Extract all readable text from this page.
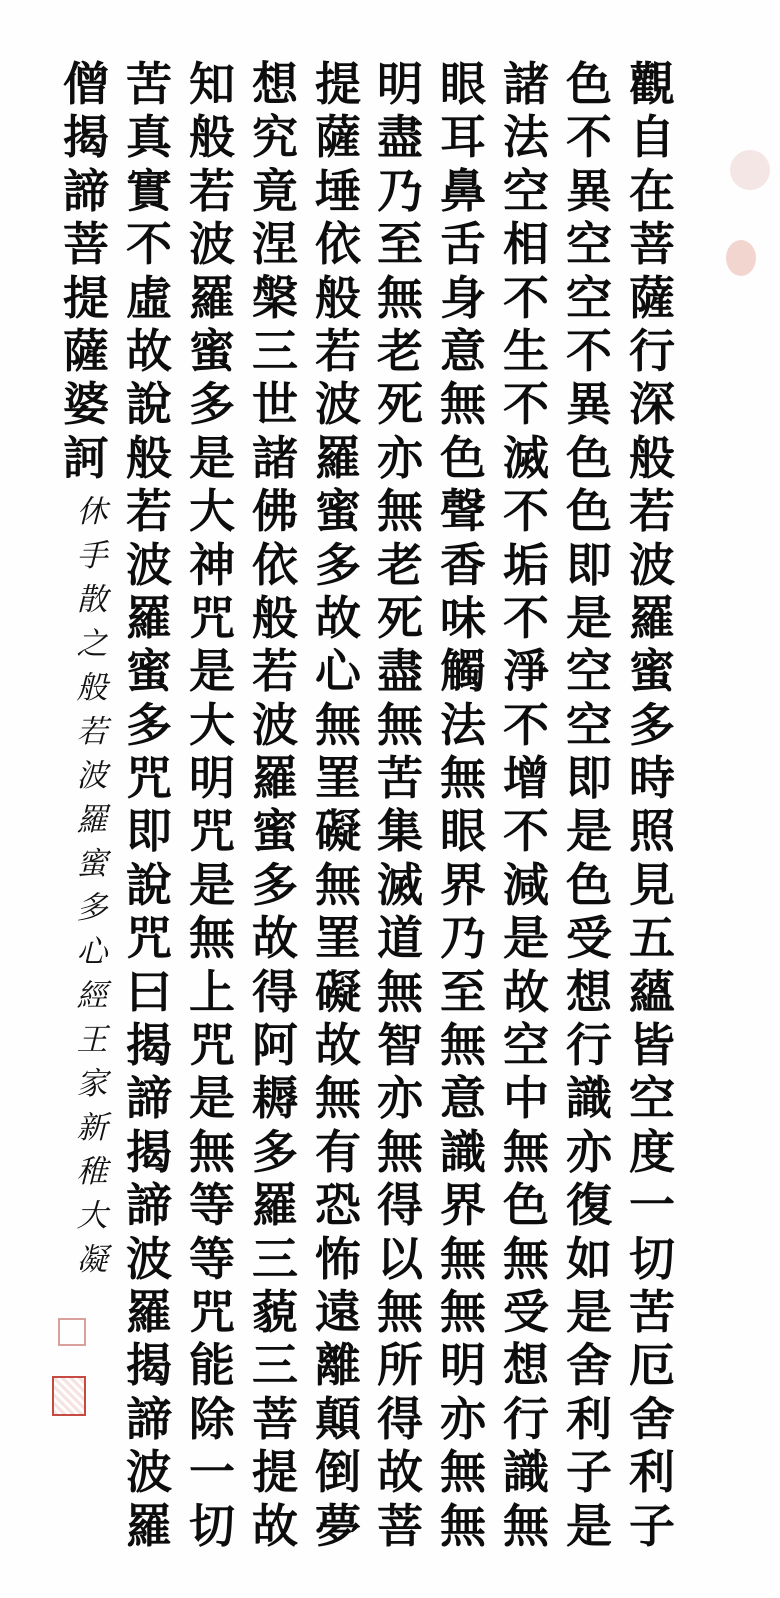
觀
自
在
菩
薩
行
深
般
若
波
羅
蜜
多
時
照
見
五
蘊
皆
空
度
一
切
苦
厄
舍
利
子
色
不
異
空
空
不
異
色
色
即
是
空
空
即
是
色
受
想
行
識
亦
復
如
是
舍
利
子
是
諸
法
空
相
不
生
不
滅
不
垢
不
淨
不
增
不
減
是
故
空
中
無
色
無
受
想
行
識
無
眼
耳
鼻
舌
身
意
無
色
聲
香
味
觸
法
無
眼
界
乃
至
無
意
識
界
無
無
明
亦
無
無
明
盡
乃
至
無
老
死
亦
無
老
死
盡
無
苦
集
滅
道
無
智
亦
無
得
以
無
所
得
故
菩
提
薩
埵
依
般
若
波
羅
蜜
多
故
心
無
罣
礙
無
罣
礙
故
無
有
恐
怖
遠
離
顛
倒
夢
想
究
竟
涅
槃
三
世
諸
佛
依
般
若
波
羅
蜜
多
故
得
阿
耨
多
羅
三
藐
三
菩
提
故
知
般
若
波
羅
蜜
多
是
大
神
咒
是
大
明
咒
是
無
上
咒
是
無
等
等
咒
能
除
一
切
苦
真
實
不
虛
故
說
般
若
波
羅
蜜
多
咒
即
說
咒
曰
揭
諦
揭
諦
波
羅
揭
諦
波
羅
僧
揭
諦
菩
提
薩
婆
訶
休
手
散
之
般
若
波
羅
蜜
多
心
經
王
家
新
稚
大
凝
